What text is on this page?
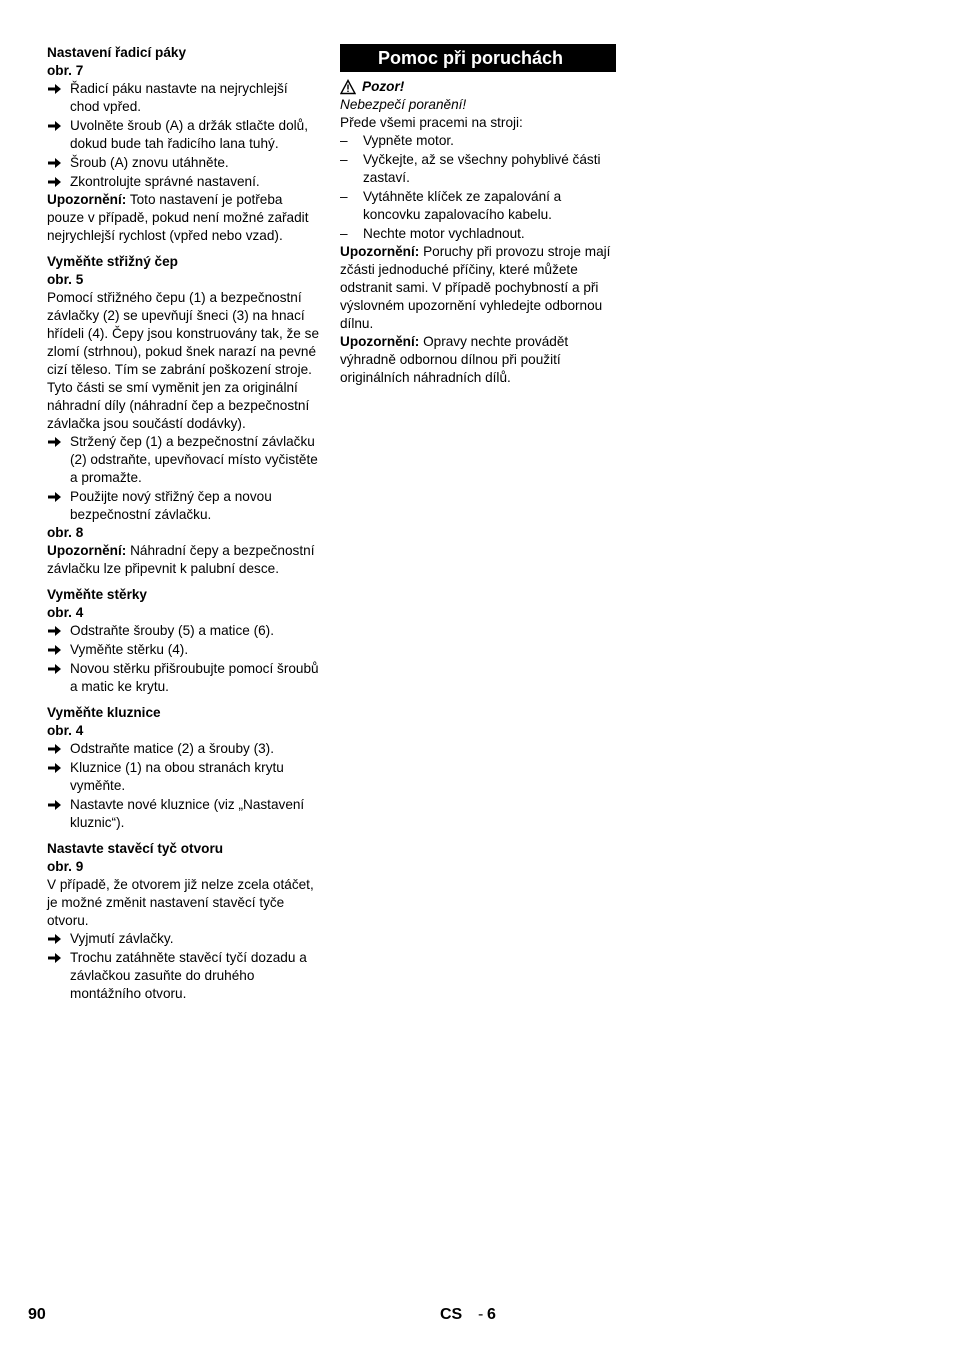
Nastavení řadicí páky

obr. 7

Řadicí páku nastavte na nejrychlejší chod vpřed.
Uvolněte šroub (A) a držák stlačte dolů, dokud bude tah řadicího lana tuhý.
Šroub (A) znovu utáhněte.
Zkontrolujte správné nastavení.

Upozornění: Toto nastavení je potřeba pouze v případě, pokud není možné zařadit nejrychlejší rychlost (vpřed nebo vzad).

Vyměňte střižný čep

obr. 5

Pomocí střižného čepu (1) a bezpečnostní závlačky (2) se upevňují šneci (3) na hnací hřídeli (4). Čepy jsou konstruovány tak, že se zlomí (strhnou), pokud šnek narazí na pevné cizí těleso. Tím se zabrání poškození stroje. Tyto části se smí vyměnit jen za originální náhradní díly (náhradní čep a bezpečnostní závlačka jsou součástí dodávky).

Stržený čep (1) a bezpečnostní závlačku (2) odstraňte, upevňovací místo vyčistěte a promažte.
Použijte nový střižný čep a novou bezpečnostní závlačku.

obr. 8

Upozornění: Náhradní čepy a bezpečnostní závlačku lze připevnit k palubní desce.

Vyměňte stěrky

obr. 4

Odstraňte šrouby (5) a matice (6).
Vyměňte stěrku (4).
Novou stěrku přišroubujte pomocí šroubů a matic ke krytu.

Vyměňte kluznice

obr. 4

Odstraňte matice (2) a šrouby (3).
Kluznice (1) na obou stranách krytu vyměňte.
Nastavte nové kluznice (viz „Nastavení kluznic“).

Nastavte stavěcí tyč otvoru

obr. 9

V případě, že otvorem již nelze zcela otáčet, je možné změnit nastavení stavěcí tyče otvoru.

Vyjmutí závlačky.
Trochu zatáhněte stavěcí tyčí dozadu a závlačkou zasuňte do druhého montážního otvoru.

Pomoc při poruchách

Pozor!

Nebezpečí poranění!

Přede všemi pracemi na stroji:

– Vypněte motor.
– Vyčkejte, až se všechny pohyblivé části zastaví.
– Vytáhněte klíček ze zapalování a koncovku zapalovacího kabelu.
– Nechte motor vychladnout.

Upozornění: Poruchy při provozu stroje mají zčásti jednoduché příčiny, které můžete odstranit sami. V případě pochybností a při výslovném upozornění vyhledejte odbornou dílnu.

Upozornění: Opravy nechte provádět výhradně odbornou dílnou při použití originálních náhradních dílů.

90	CS - 6
